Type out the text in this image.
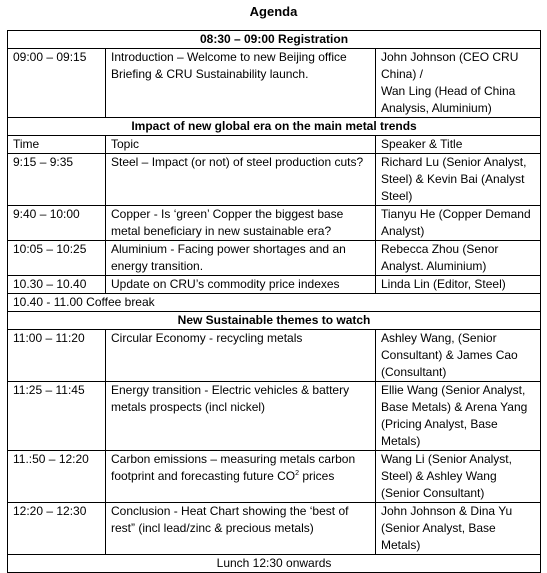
Agenda
08:30 – 09:00 Registration		
09:00 – 09:15	Introduction – Welcome to new Beijing office Briefing & CRU Sustainability launch.	John Johnson (CEO CRU China) /
Wan Ling (Head of China Analysis, Aluminium)
Impact of new global era on the main metal trends		
Time	Topic	Speaker & Title
9:15 – 9:35	Steel – Impact (or not) of steel production cuts?	Richard Lu (Senior Analyst, Steel) & Kevin Bai (Analyst Steel)
9:40 – 10:00	Copper - Is ‘green’ Copper the biggest base metal beneficiary in new sustainable era?	Tianyu He (Copper Demand Analyst)
10:05 – 10:25	Aluminium - Facing power shortages and an energy transition.	Rebecca Zhou (Senor Analyst. Aluminium)
10.30 – 10.40	Update on CRU’s commodity price indexes	Linda Lin (Editor, Steel)
10.40 - 11.00 Coffee break		
New Sustainable themes to watch		
11:00 – 11:20	Circular Economy - recycling metals	Ashley Wang, (Senior Consultant) & James Cao (Consultant)
11:25 – 11:45	Energy transition - Electric vehicles & battery metals prospects (incl nickel)	Ellie Wang (Senior Analyst, Base Metals) & Arena Yang (Pricing Analyst, Base Metals)
11.:50 – 12:20	Carbon emissions – measuring metals carbon footprint and forecasting future $CO^2$ prices	Wang Li (Senior Analyst, Steel) & Ashley Wang (Senior Consultant)
12:20 – 12:30	Conclusion - Heat Chart showing the ‘best of rest” (incl lead/zinc & precious metals)	John Johnson & Dina Yu (Senior Analyst, Base Metals)
Lunch 12:30 onwards		
